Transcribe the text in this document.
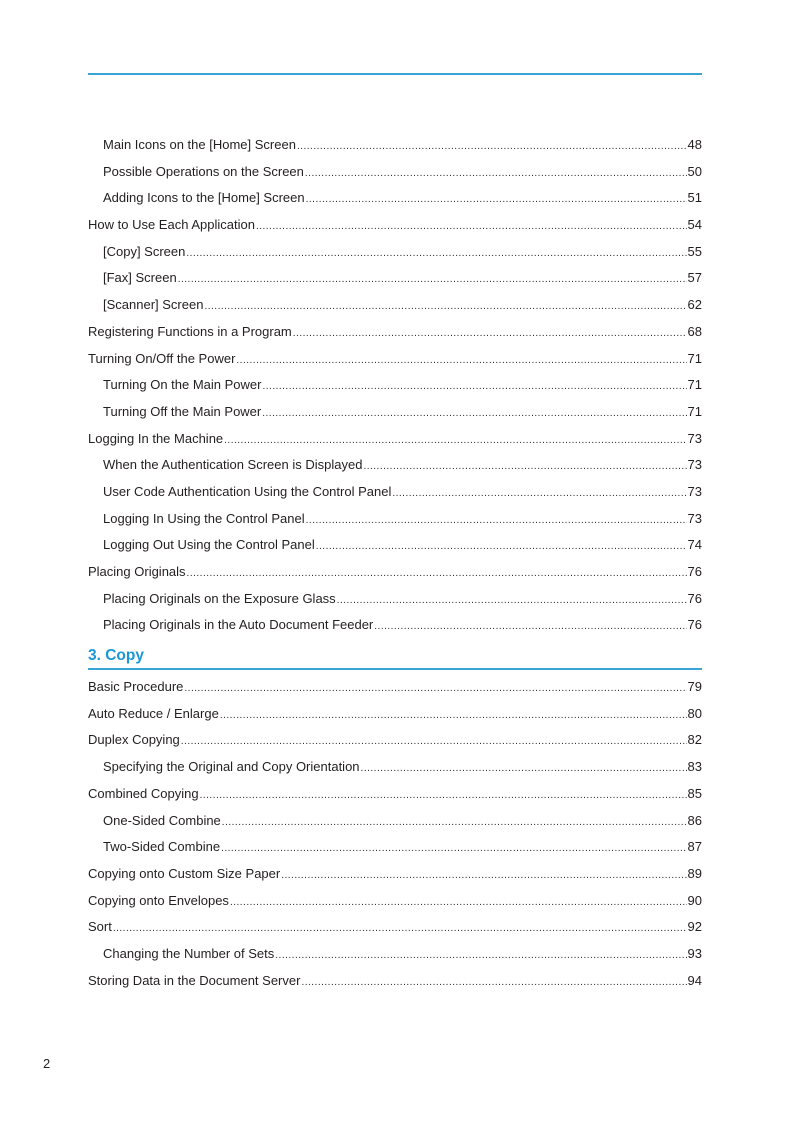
Main Icons on the [Home] Screen .....	48
Possible Operations on the Screen .....	50
Adding Icons to the [Home] Screen .....	51
How to Use Each Application .....	54
[Copy] Screen .....	55
[Fax] Screen .....	57
[Scanner] Screen .....	62
Registering Functions in a Program .....	68
Turning On/Off the Power .....	71
Turning On the Main Power .....	71
Turning Off the Main Power .....	71
Logging In the Machine .....	73
When the Authentication Screen is Displayed .....	73
User Code Authentication Using the Control Panel .....	73
Logging In Using the Control Panel .....	73
Logging Out Using the Control Panel .....	74
Placing Originals .....	76
Placing Originals on the Exposure Glass .....	76
Placing Originals in the Auto Document Feeder .....	76
3. Copy
Basic Procedure .....	79
Auto Reduce / Enlarge .....	80
Duplex Copying .....	82
Specifying the Original and Copy Orientation .....	83
Combined Copying .....	85
One-Sided Combine .....	86
Two-Sided Combine .....	87
Copying onto Custom Size Paper .....	89
Copying onto Envelopes .....	90
Sort .....	92
Changing the Number of Sets .....	93
Storing Data in the Document Server .....	94
2
